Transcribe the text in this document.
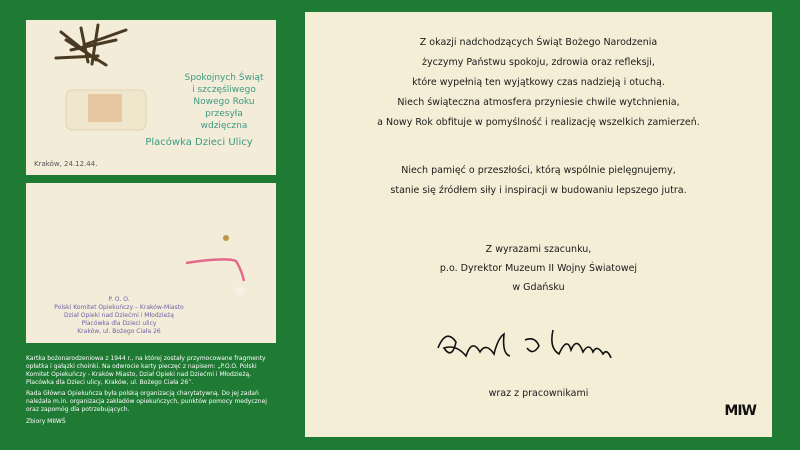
Spokojnych Świąt
i szczęśliwego
Nowego Roku
przesyła
wdzięczna
Placówka Dzieci Ulicy
Kraków, 24.12.44.
P. O. O.
Polski Komitet Opiekuńczy – Kraków-Miasto
Dział Opieki nad Dziećmi i Młodzieżą
Placówka dla Dzieci ulicy
Kraków, ul. Bożego Ciała 26
Kartka bożonarodzeniowa z 1944 r., na której zostały przymocowane fragmenty opłatka i gałązki choinki. Na odwrocie karty pieczęć z napisem: „P.O.O. Polski Komitet Opiekuńczy - Kraków Miasto, Dział Opieki nad Dziećmi i Młodzieżą, Placówka dla Dzieci ulicy, Kraków, ul. Bożego Ciała 26”.
Rada Główna Opiekuńcza była polską organizacją charytatywną. Do jej zadań należała m.in. organizacja zakładów opiekuńczych, punktów pomocy medycznej oraz zapomóg dla potrzebujących.
Zbiory MIIWŚ
Z okazji nadchodzących Świąt Bożego Narodzenia
życzymy Państwu spokoju, zdrowia oraz refleksji,
które wypełnią ten wyjątkowy czas nadzieją i otuchą.
Niech świąteczna atmosfera przyniesie chwile wytchnienia,
a Nowy Rok obfituje w pomyślność i realizację wszelkich zamierzeń.
Niech pamięć o przeszłości, którą wspólnie pielęgnujemy,
stanie się źródłem siły i inspiracji w budowaniu lepszego jutra.
Z wyrazami szacunku,
p.o. Dyrektor Muzeum II Wojny Światowej
w Gdańsku
wraz z pracownikami
MIW
